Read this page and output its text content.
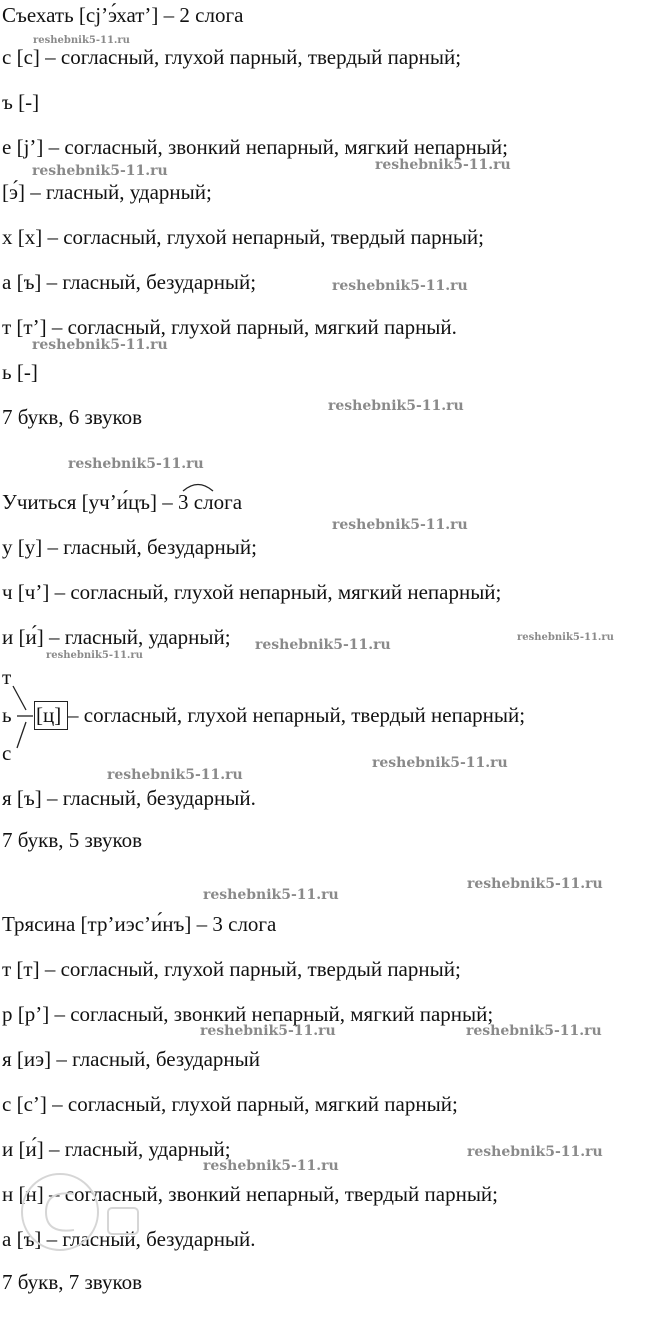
Съехать [сj’э́хат’] – 2 слога
с [с] – согласный, глухой парный, твердый парный;
ъ [-]
е [j’] – согласный, звонкий непарный, мягкий непарный;
[э́] – гласный, ударный;
х [х] – согласный, глухой непарный, твердый парный;
а [ъ] – гласный, безударный;
т [т’] – согласный, глухой парный, мягкий парный.
ь [-]
7 букв, 6 звуков
Учиться [уч’и́цъ] – 3 слога
у [у] – гласный, безударный;
ч [ч’] – согласный, глухой непарный, мягкий непарный;
и [и́] – гласный, ударный;
т
ь
с
[ц] – согласный, глухой непарный, твердый непарный;
я [ъ] – гласный, безударный.
7 букв, 5 звуков
Трясина [тр’иэс’и́нъ] – 3 слога
т [т] – согласный, глухой парный, твердый парный;
р [р’] – согласный, звонкий непарный, мягкий парный;
я [иэ] – гласный, безударный
с [с’] – согласный, глухой парный, мягкий парный;
и [и́] – гласный, ударный;
н [н] – согласный, звонкий непарный, твердый парный;
а [ъ] – гласный, безударный.
7 букв, 7 звуков
reshebnik5-11.ru
reshebnik5-11.ru	reshebnik5-11.ru
reshebnik5-11.ru
reshebnik5-11.ru
reshebnik5-11.ru
reshebnik5-11.ru
reshebnik5-11.ru
reshebnik5-11.ru	reshebnik5-11.ru
reshebnik5-11.ru
reshebnik5-11.ru
reshebnik5-11.ru
reshebnik5-11.ru
reshebnik5-11.ru
reshebnik5-11.ru	reshebnik5-11.ru
reshebnik5-11.ru
reshebnik5-11.ru
